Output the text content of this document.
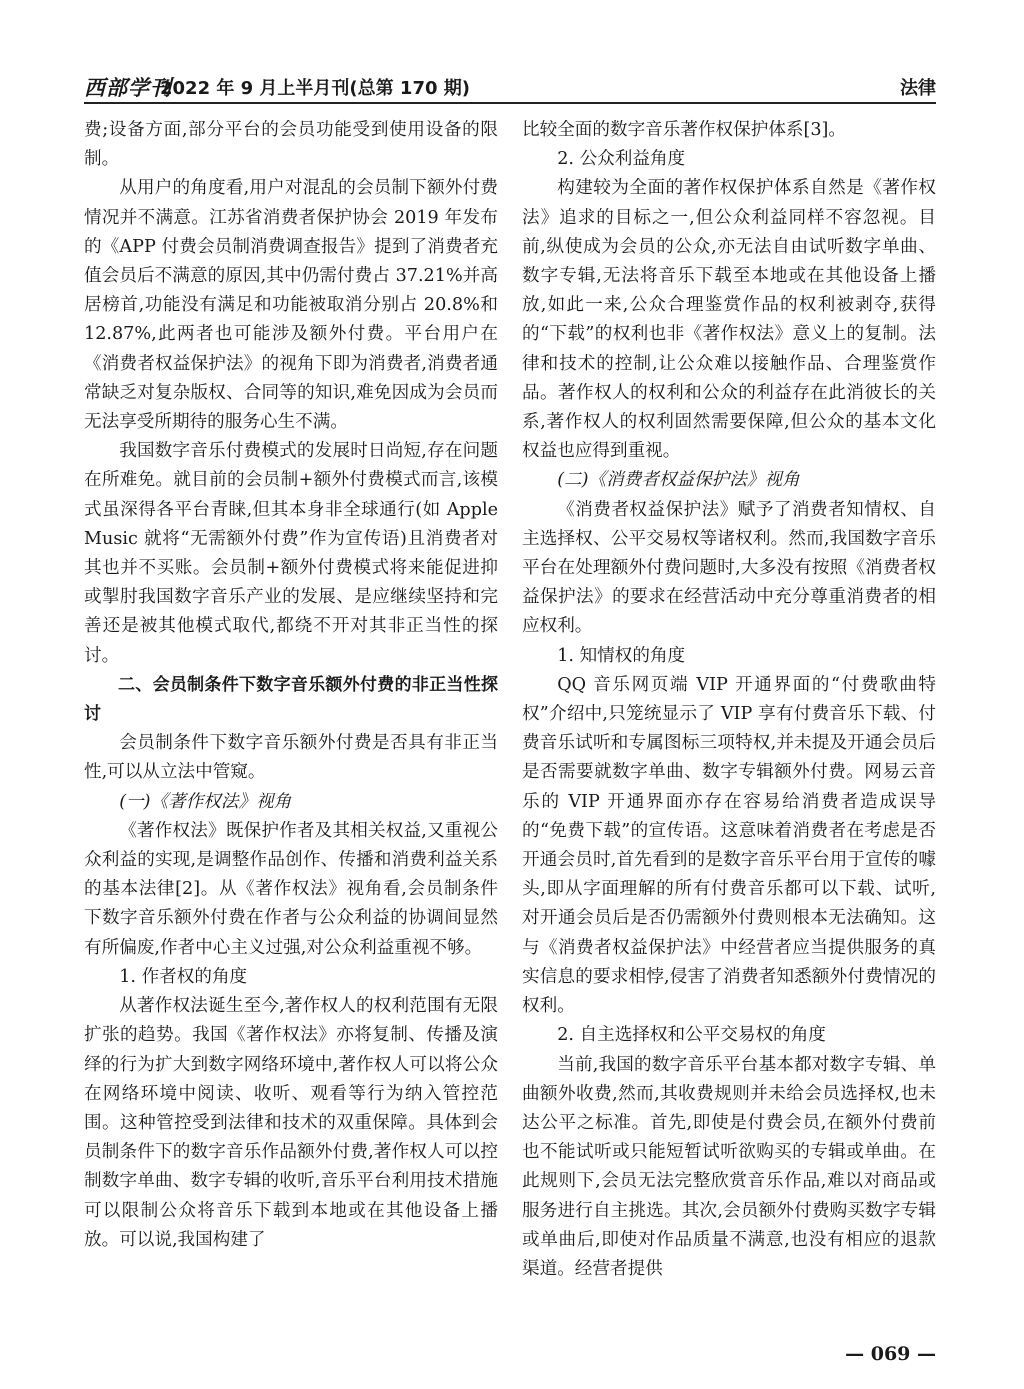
西部学刊
2022 年 9 月上半月刊(总第 170 期)	法律

费;设备方面,部分平台的会员功能受到使用设备的限制。

从用户的角度看,用户对混乱的会员制下额外付费情况并不满意。江苏省消费者保护协会 2019 年发布的《APP 付费会员制消费调查报告》提到了消费者充值会员后不满意的原因,其中仍需付费占 37.21%并高居榜首,功能没有满足和功能被取消分别占 20.8%和 12.87%,此两者也可能涉及额外付费。平台用户在《消费者权益保护法》的视角下即为消费者,消费者通常缺乏对复杂版权、合同等的知识,难免因成为会员而无法享受所期待的服务心生不满。

我国数字音乐付费模式的发展时日尚短,存在问题在所难免。就目前的会员制+额外付费模式而言,该模式虽深得各平台青睐,但其本身非全球通行(如 Apple Music 就将“无需额外付费”作为宣传语)且消费者对其也并不买账。会员制+额外付费模式将来能促进抑或掣肘我国数字音乐产业的发展、是应继续坚持和完善还是被其他模式取代,都绕不开对其非正当性的探讨。

二、会员制条件下数字音乐额外付费的非正当性探讨

会员制条件下数字音乐额外付费是否具有非正当性,可以从立法中管窥。

(一)《著作权法》视角

《著作权法》既保护作者及其相关权益,又重视公众利益的实现,是调整作品创作、传播和消费利益关系的基本法律[2]。从《著作权法》视角看,会员制条件下数字音乐额外付费在作者与公众利益的协调间显然有所偏废,作者中心主义过强,对公众利益重视不够。

1. 作者权的角度

从著作权法诞生至今,著作权人的权利范围有无限扩张的趋势。我国《著作权法》亦将复制、传播及演绎的行为扩大到数字网络环境中,著作权人可以将公众在网络环境中阅读、收听、观看等行为纳入管控范围。这种管控受到法律和技术的双重保障。具体到会员制条件下的数字音乐作品额外付费,著作权人可以控制数字单曲、数字专辑的收听,音乐平台利用技术措施可以限制公众将音乐下载到本地或在其他设备上播放。可以说,我国构建了

比较全面的数字音乐著作权保护体系[3]。

2. 公众利益角度

构建较为全面的著作权保护体系自然是《著作权法》追求的目标之一,但公众利益同样不容忽视。目前,纵使成为会员的公众,亦无法自由试听数字单曲、数字专辑,无法将音乐下载至本地或在其他设备上播放,如此一来,公众合理鉴赏作品的权利被剥夺,获得的“下载”的权利也非《著作权法》意义上的复制。法律和技术的控制,让公众难以接触作品、合理鉴赏作品。著作权人的权利和公众的利益存在此消彼长的关系,著作权人的权利固然需要保障,但公众的基本文化权益也应得到重视。

(二)《消费者权益保护法》视角

《消费者权益保护法》赋予了消费者知情权、自主选择权、公平交易权等诸权利。然而,我国数字音乐平台在处理额外付费问题时,大多没有按照《消费者权益保护法》的要求在经营活动中充分尊重消费者的相应权利。

1. 知情权的角度

QQ 音乐网页端 VIP 开通界面的“付费歌曲特权”介绍中,只笼统显示了 VIP 享有付费音乐下载、付费音乐试听和专属图标三项特权,并未提及开通会员后是否需要就数字单曲、数字专辑额外付费。网易云音乐的 VIP 开通界面亦存在容易给消费者造成误导的“免费下载”的宣传语。这意味着消费者在考虑是否开通会员时,首先看到的是数字音乐平台用于宣传的噱头,即从字面理解的所有付费音乐都可以下载、试听,对开通会员后是否仍需额外付费则根本无法确知。这与《消费者权益保护法》中经营者应当提供服务的真实信息的要求相悖,侵害了消费者知悉额外付费情况的权利。

2. 自主选择权和公平交易权的角度

当前,我国的数字音乐平台基本都对数字专辑、单曲额外收费,然而,其收费规则并未给会员选择权,也未达公平之标准。首先,即使是付费会员,在额外付费前也不能试听或只能短暂试听欲购买的专辑或单曲。在此规则下,会员无法完整欣赏音乐作品,难以对商品或服务进行自主挑选。其次,会员额外付费购买数字专辑或单曲后,即使对作品质量不满意,也没有相应的退款渠道。经营者提供

— 069 —
